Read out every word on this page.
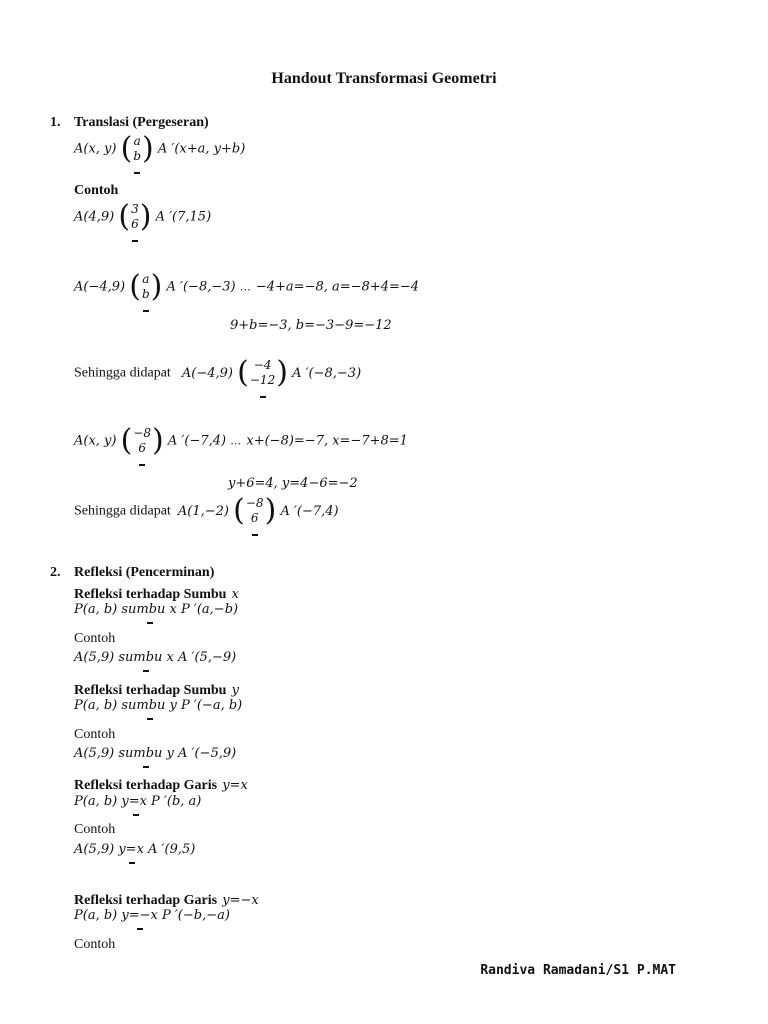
Handout Transformasi Geometri
1. Translasi (Pergeseran)
A(x, y) ( a
b ) A ′(x+a, y+b)
Contoh
A(4,9) ( 3
6 ) A ′(7,15)
A(−4,9) ( a
b ) A ′(−8,−3) … −4+a=−8, a=−8+4=−4
9+b=−3, b=−3−9=−12
Sehingga didapat A(−4,9) ( −4
−12 ) A ′(−8,−3)
A(x, y) ( −8
6 ) A ′(−7,4) … x+(−8)=−7, x=−7+8=1
y+6=4, y=4−6=−2
Sehingga didapat A(1,−2) ( −8
6 ) A ′(−7,4)
2. Refleksi (Pencerminan)
Refleksi terhadap Sumbu x
P(a, b) sumbu x P ′(a,−b)
Contoh
A(5,9) sumbu x A ′(5,−9)
Refleksi terhadap Sumbu y
P(a, b) sumbu y P ′(−a, b)
Contoh
A(5,9) sumbu y A ′(−5,9)
Refleksi terhadap Garis y=x
P(a, b) y=x P ′(b, a)
Contoh
A(5,9) y=x A ′(9,5)
Refleksi terhadap Garis y=−x
P(a, b) y=−x P ′(−b,−a)
Contoh
Randiva Ramadani/S1 P.MAT
